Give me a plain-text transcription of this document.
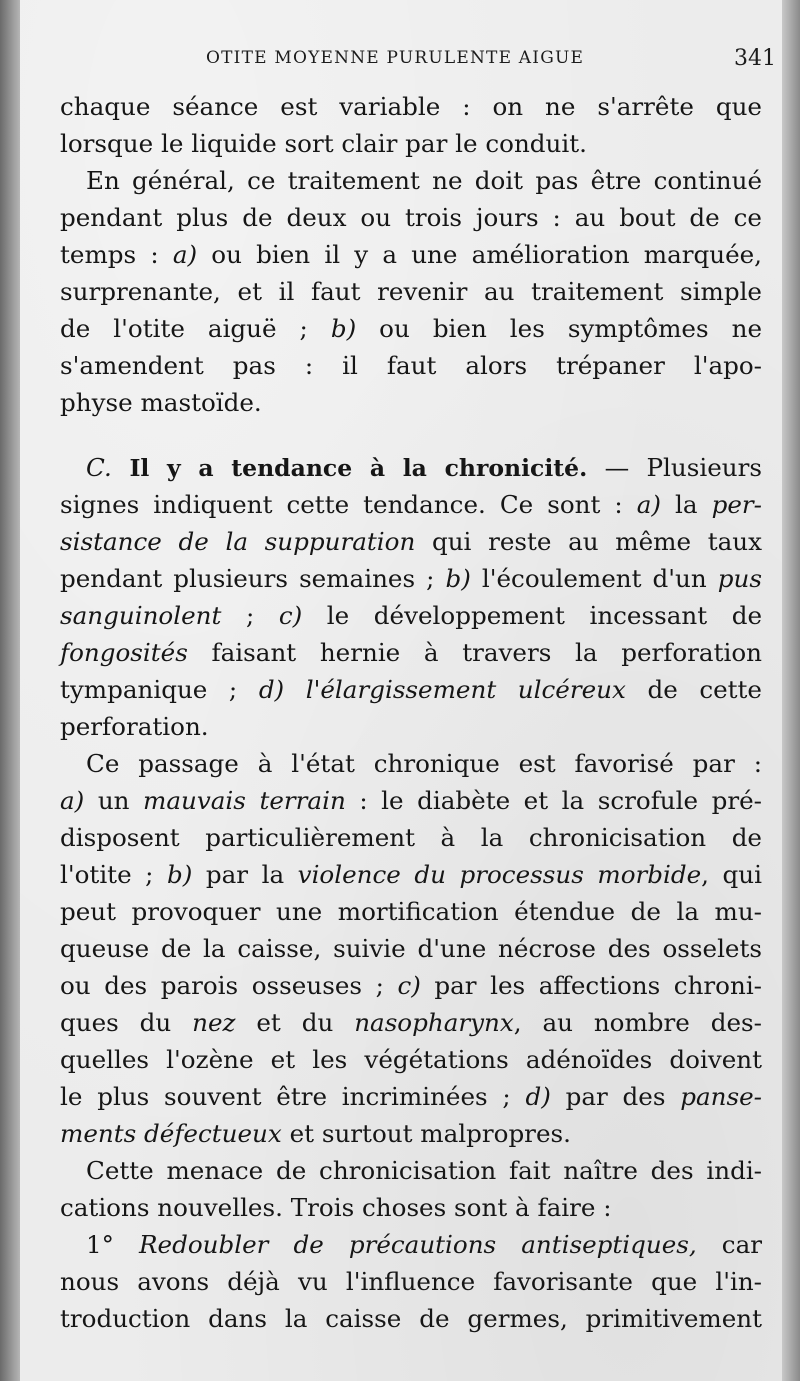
OTITE MOYENNE PURULENTE AIGUE	341
chaque séance est variable : on ne s'arrête que
lorsque le liquide sort clair par le conduit.
En général, ce traitement ne doit pas être continué
pendant plus de deux ou trois jours : au bout de ce
temps : a) ou bien il y a une amélioration marquée,
surprenante, et il faut revenir au traitement simple
de l'otite aiguë ; b) ou bien les symptômes ne
s'amendent pas : il faut alors trépaner l'apo-
physe mastoïde.
C. Il y a tendance à la chronicité. — Plusieurs
signes indiquent cette tendance. Ce sont : a) la per-
sistance de la suppuration qui reste au même taux
pendant plusieurs semaines ; b) l'écoulement d'un pus
sanguinolent ; c) le développement incessant de
fongosités faisant hernie à travers la perforation
tympanique ; d) l'élargissement ulcéreux de cette
perforation.
Ce passage à l'état chronique est favorisé par :
a) un mauvais terrain : le diabète et la scrofule pré-
disposent particulièrement à la chronicisation de
l'otite ; b) par la violence du processus morbide, qui
peut provoquer une mortification étendue de la mu-
queuse de la caisse, suivie d'une nécrose des osselets
ou des parois osseuses ; c) par les affections chroni-
ques du nez et du nasopharynx, au nombre des-
quelles l'ozène et les végétations adénoïdes doivent
le plus souvent être incriminées ; d) par des panse-
ments défectueux et surtout malpropres.
Cette menace de chronicisation fait naître des indi-
cations nouvelles. Trois choses sont à faire :
1° Redoubler de précautions antiseptiques, car
nous avons déjà vu l'influence favorisante que l'in-
troduction dans la caisse de germes, primitivement
